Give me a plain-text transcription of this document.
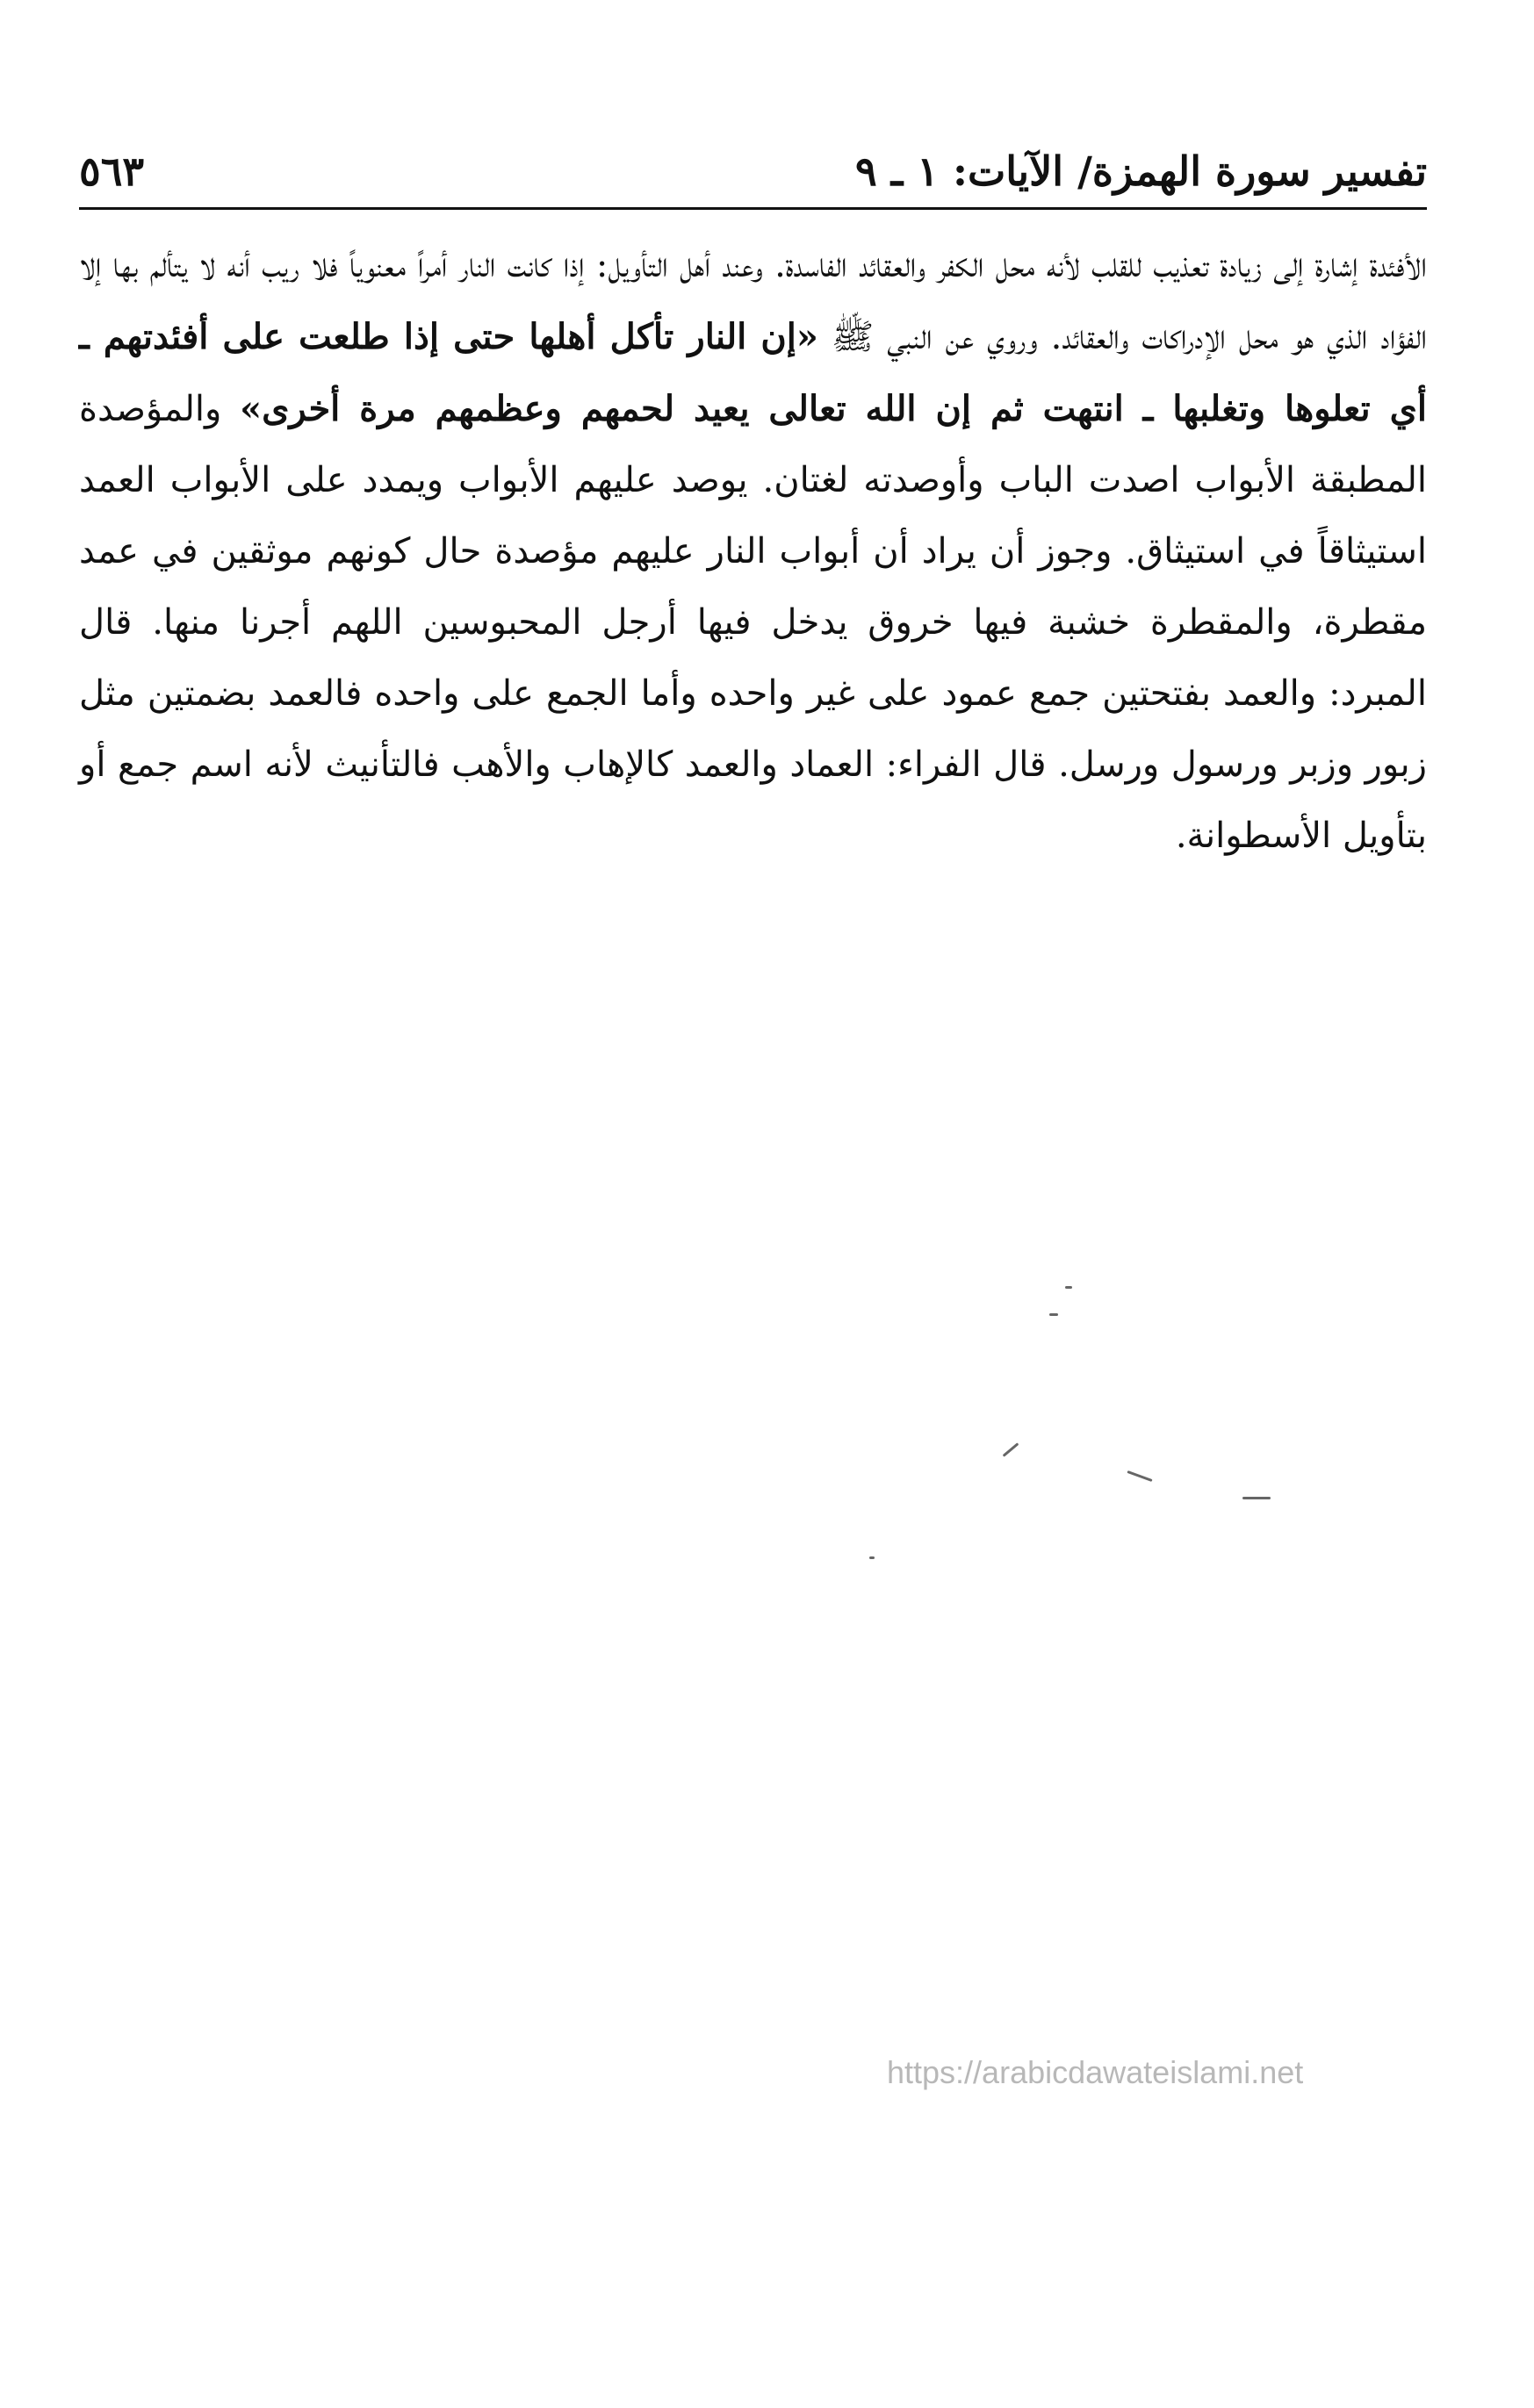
تفسير سورة الهمزة/ الآيات: ١ ـ ٩
٥٦٣
الأفئدة إشارة إلى زيادة تعذيب للقلب لأنه محل الكفر والعقائد الفاسدة. وعند أهل التأويل: إذا كانت النار أمراً معنوياً فلا ريب أنه لا يتألم بها إلا الفؤاد الذي هو محل الإدراكات والعقائد. وروي عن النبي ﷺ «إن النار تأكل أهلها حتى إذا طلعت على أفئدتهم ـ أي تعلوها وتغلبها ـ انتهت ثم إن الله تعالى يعيد لحمهم وعظمهم مرة أخرى» والمؤصدة المطبقة الأبواب اصدت الباب وأوصدته لغتان. يوصد عليهم الأبواب ويمدد على الأبواب العمد استيثاقاً في استيثاق. وجوز أن يراد أن أبواب النار عليهم مؤصدة حال كونهم موثقين في عمد مقطرة، والمقطرة خشبة فيها خروق يدخل فيها أرجل المحبوسين اللهم أجرنا منها. قال المبرد: والعمد بفتحتين جمع عمود على غير واحده وأما الجمع على واحده فالعمد بضمتين مثل زبور وزبر ورسول ورسل. قال الفراء: العماد والعمد كالإهاب والأهب فالتأنيث لأنه اسم جمع أو بتأويل الأسطوانة.
https://arabicdawateislami.net
